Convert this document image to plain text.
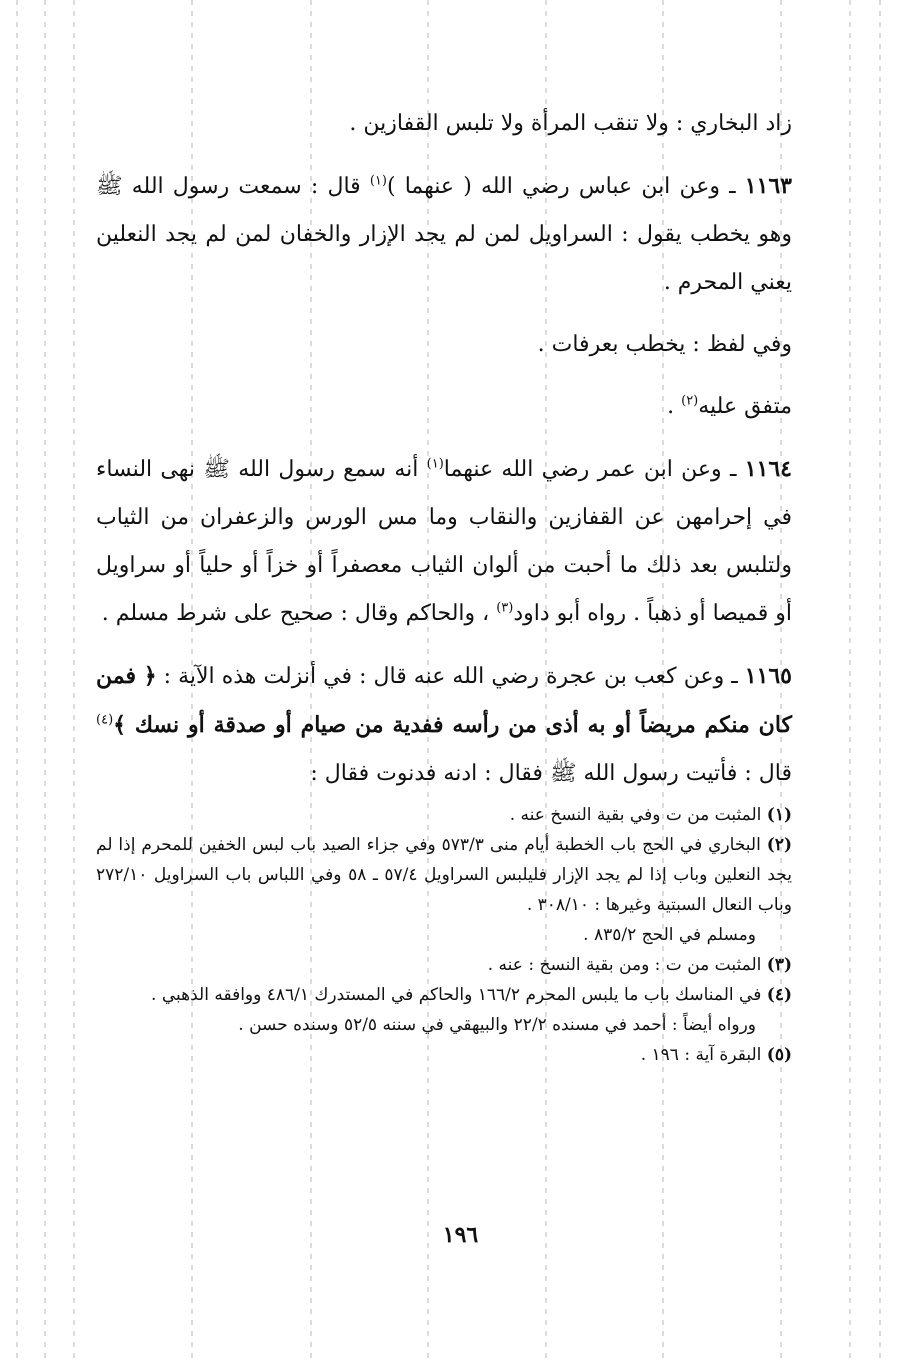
زاد البخاري : ولا تنقب المرأة ولا تلبس القفازين .

١١٦٣ ـ وعن ابن عباس رضي الله ( عنهما )$^{(١)}$ قال : سمعت رسول الله ﷺ وهو يخطب يقول : السراويل لمن لم يجد الإزار والخفان لمن لم يجد النعلين يعني المحرم .

وفي لفظ : يخطب بعرفات .

متفق عليه$^{(٢)}$ .

١١٦٤ ـ وعن ابن عمر رضي الله عنهما$^{(١)}$ أنه سمع رسول الله ﷺ نهى النساء في إحرامهن عن القفازين والنقاب وما مس الورس والزعفران من الثياب ولتلبس بعد ذلك ما أحبت من ألوان الثياب معصفراً أو خزاً أو حلياً أو سراويل أو قميصا أو ذهباً . رواه أبو داود$^{(٣)}$ ، والحاكم وقال : صحيح على شرط مسلم .

١١٦٥ ـ وعن كعب بن عجرة رضي الله عنه قال : في أنزلت هذه الآية : ﴿ فمن كان منكم مريضاً أو به أذى من رأسه ففدية من صيام أو صدقة أو نسك ﴾$^{(٤)}$ قال : فأتيت رسول الله ﷺ فقال : ادنه فدنوت فقال :

(١) المثبت من ت وفي بقية النسخ عنه .

(٢) البخاري في الحج باب الخطبة أيام منى ٥٧٣/٣ وفي جزاء الصيد باب لبس الخفين للمحرم إذا لم يجد النعلين وباب إذا لم يجد الإزار فليلبس السراويل ٥٧/٤ ـ ٥٨ وفي اللباس باب السراويل ٢٧٢/١٠ وباب النعال السبتية وغيرها : ٣٠٨/١٠ .

ومسلم في الحج ٨٣٥/٢ .

(٣) المثبت من ت : ومن بقية النسخ : عنه .

(٤) في المناسك باب ما يلبس المحرم ١٦٦/٢ والحاكم في المستدرك ٤٨٦/١ ووافقه الذهبي .

ورواه أيضاً : أحمد في مسنده ٢٢/٢ والبيهقي في سننه ٥٢/٥ وسنده حسن .

(٥) البقرة آية : ١٩٦ .

١٩٦
